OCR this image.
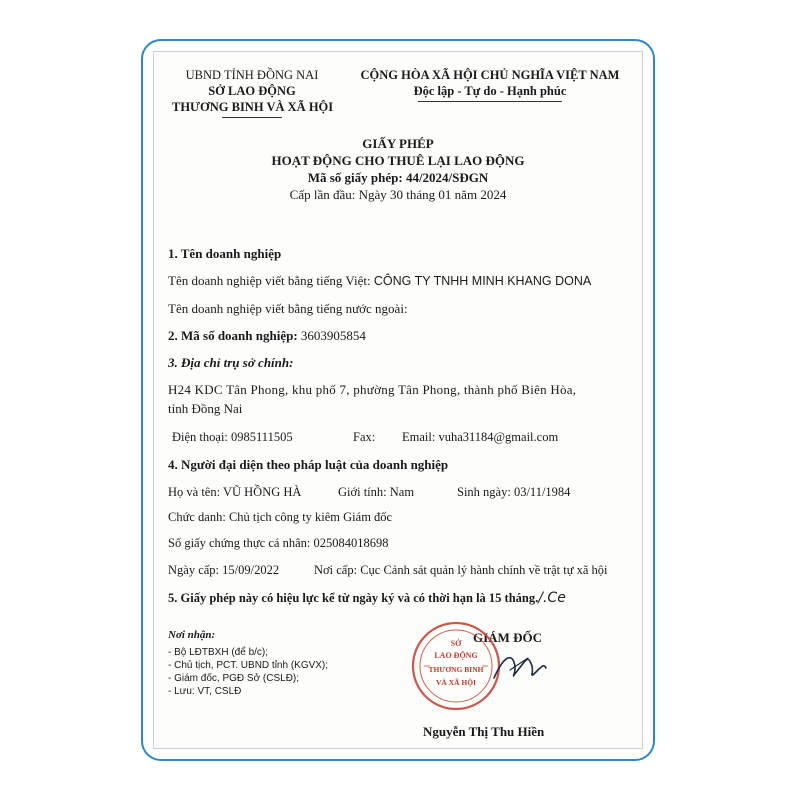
UBND TỈNH ĐỒNG NAI
SỞ LAO ĐỘNG
THƯƠNG BINH VÀ XÃ HỘI
CỘNG HÒA XÃ HỘI CHỦ NGHĨA VIỆT NAM
Độc lập - Tự do - Hạnh phúc
GIẤY PHÉP
HOẠT ĐỘNG CHO THUÊ LẠI LAO ĐỘNG
Mã số giấy phép: 44/2024/SĐGN
Cấp lần đầu: Ngày 30 tháng 01 năm 2024
1. Tên doanh nghiệp
Tên doanh nghiệp viết bằng tiếng Việt: CÔNG TY TNHH MINH KHANG DONA
Tên doanh nghiệp viết bằng tiếng nước ngoài:
2. Mã số doanh nghiệp: 3603905854
3. Địa chỉ trụ sở chính:
H24 KDC Tân Phong, khu phố 7, phường Tân Phong, thành phố Biên Hòa,
tỉnh Đồng Nai
Điện thoại: 0985111505	Fax: Email: vuha31184@gmail.com
4. Người đại diện theo pháp luật của doanh nghiệp
Họ và tên: VŨ HỒNG HÀ	Giới tính: Nam	Sinh ngày: 03/11/1984
Chức danh: Chủ tịch công ty kiêm Giám đốc
Số giấy chứng thực cá nhân: 025084018698
Ngày cấp: 15/09/2022	Nơi cấp: Cục Cảnh sát quản lý hành chính về trật tự xã hội
5. Giấy phép này có hiệu lực kể từ ngày ký và có thời hạn là 15 tháng./.Ce
Nơi nhận:
- Bộ LĐTBXH (để b/c);
- Chủ tịch, PCT. UBND tỉnh (KGVX);
- Giám đốc, PGĐ Sở (CSLĐ);
- Lưu: VT, CSLĐ
GIÁM ĐỐC
SỞ
LAO ĐỘNG
THƯƠNG BINH
VÀ XÃ HỘI
Nguyễn Thị Thu Hiền
